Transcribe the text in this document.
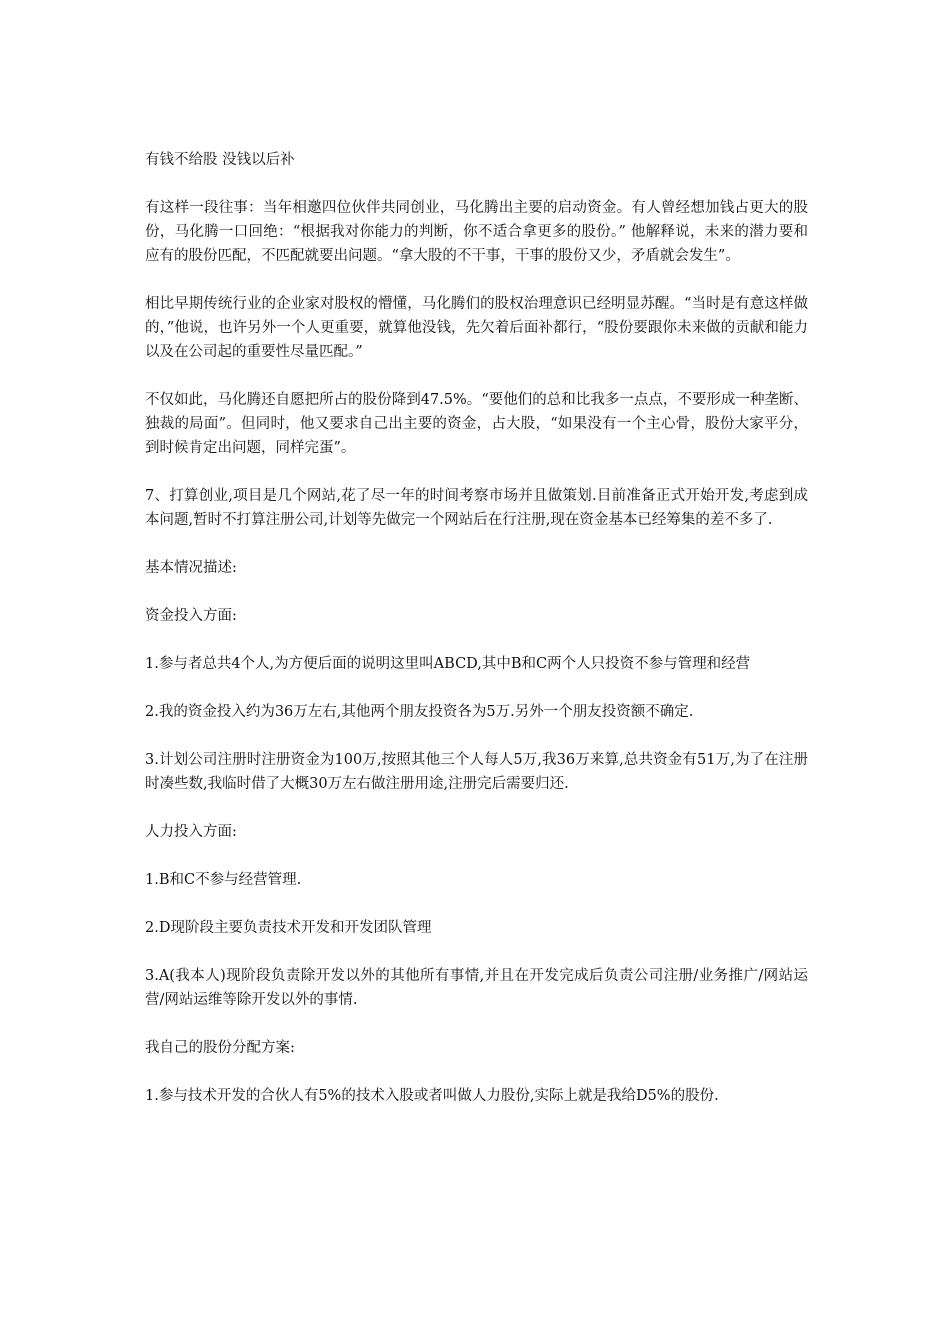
有钱不给股 没钱以后补

有这样一段往事：当年相邀四位伙伴共同创业，马化腾出主要的启动资金。有人曾经想加钱占更大的股份，马化腾一口回绝：“根据我对你能力的判断，你不适合拿更多的股份。” 他解释说，未来的潜力要和应有的股份匹配，不匹配就要出问题。“拿大股的不干事，干事的股份又少，矛盾就会发生”。

相比早期传统行业的企业家对股权的懵懂，马化腾们的股权治理意识已经明显苏醒。“当时是有意这样做的，”他说，也许另外一个人更重要，就算他没钱，先欠着后面补都行，“股份要跟你未来做的贡献和能力以及在公司起的重要性尽量匹配。”

不仅如此，马化腾还自愿把所占的股份降到47.5%。“要他们的总和比我多一点点，不要形成一种垄断、独裁的局面”。但同时，他又要求自己出主要的资金，占大股，“如果没有一个主心骨，股份大家平分，到时候肯定出问题，同样完蛋”。

7、打算创业,项目是几个网站,花了尽一年的时间考察市场并且做策划.目前准备正式开始开发,考虑到成本问题,暂时不打算注册公司,计划等先做完一个网站后在行注册,现在资金基本已经筹集的差不多了.

基本情况描述:

资金投入方面:

1.参与者总共4个人,为方便后面的说明这里叫ABCD,其中B和C两个人只投资不参与管理和经营

2.我的资金投入约为36万左右,其他两个朋友投资各为5万.另外一个朋友投资额不确定.

3.计划公司注册时注册资金为100万,按照其他三个人每人5万,我36万来算,总共资金有51万,为了在注册时凑些数,我临时借了大概30万左右做注册用途,注册完后需要归还.

人力投入方面:

1.B和C不参与经营管理.

2.D现阶段主要负责技术开发和开发团队管理

3.A(我本人)现阶段负责除开发以外的其他所有事情,并且在开发完成后负责公司注册/业务推广/网站运营/网站运维等除开发以外的事情.

我自己的股份分配方案:

1.参与技术开发的合伙人有5%的技术入股或者叫做人力股份,实际上就是我给D5%的股份.
